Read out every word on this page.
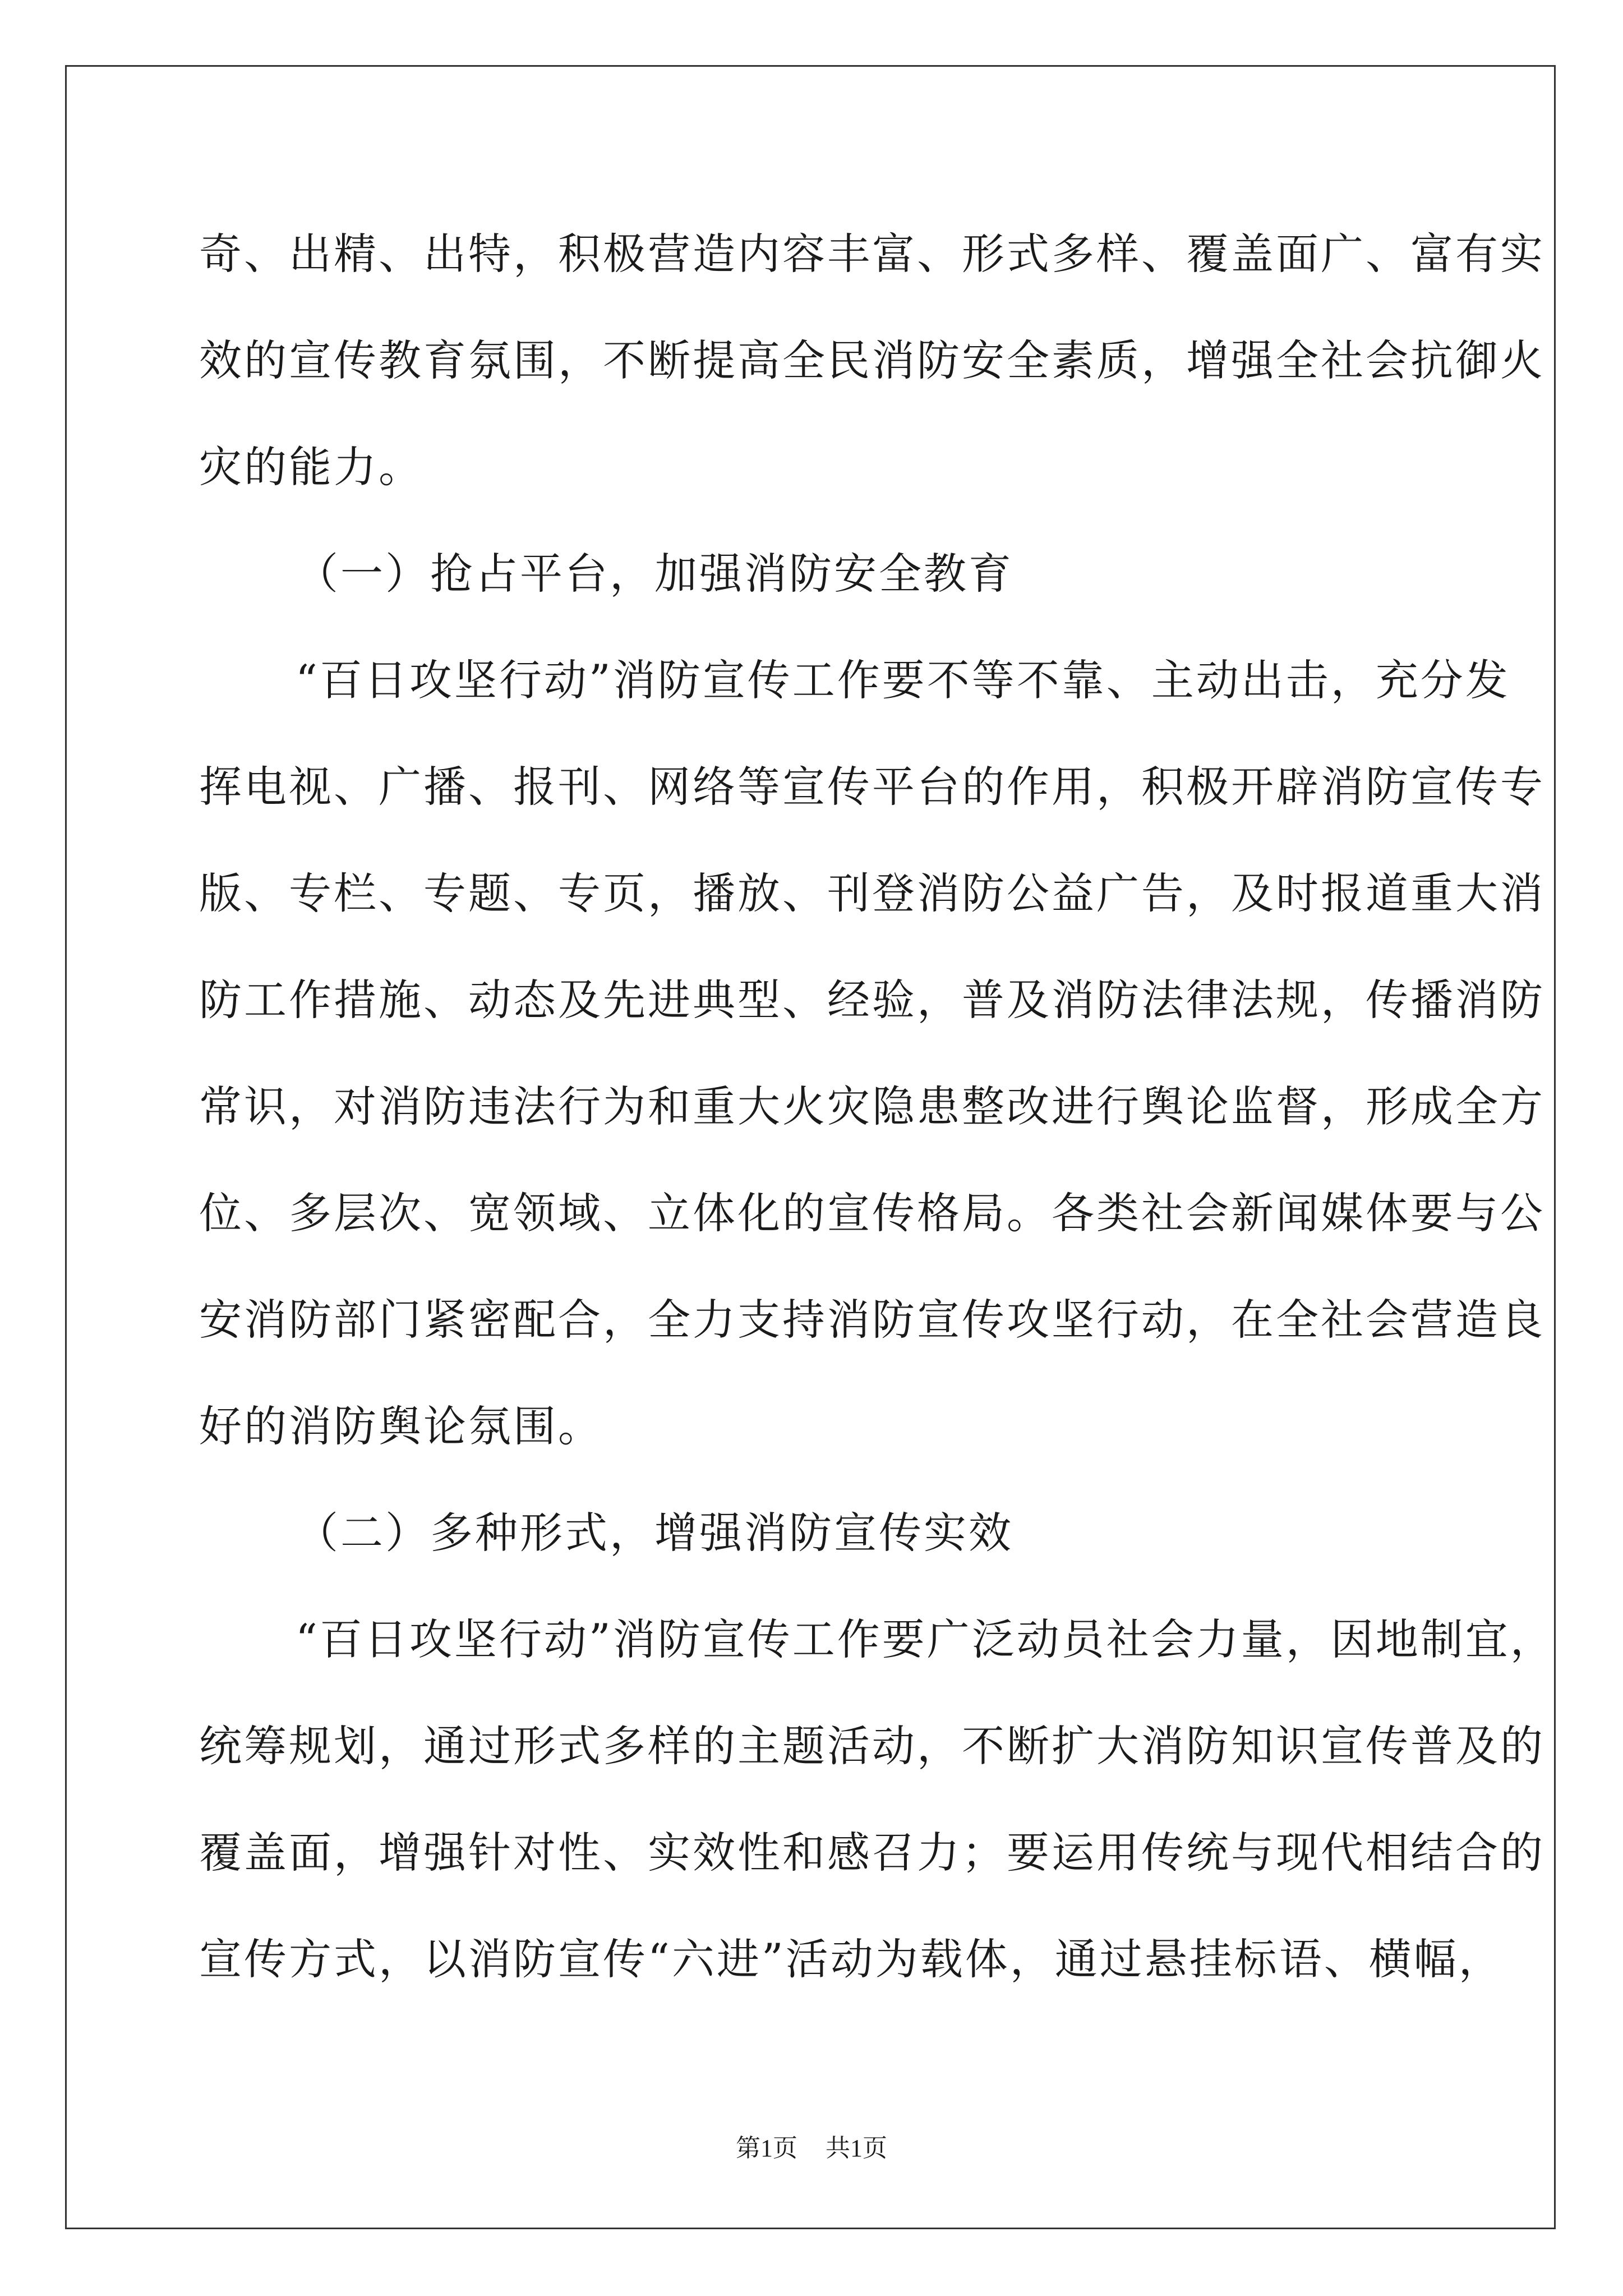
奇、出精、出特，积极营造内容丰富、形式多样、覆盖面广、富有实
效的宣传教育氛围，不断提高全民消防安全素质，增强全社会抗御火
灾的能力。
（一）抢占平台，加强消防安全教育
“百日攻坚行动”消防宣传工作要不等不靠、主动出击，充分发
挥电视、广播、报刊、网络等宣传平台的作用，积极开辟消防宣传专
版、专栏、专题、专页，播放、刊登消防公益广告，及时报道重大消
防工作措施、动态及先进典型、经验，普及消防法律法规，传播消防
常识，对消防违法行为和重大火灾隐患整改进行舆论监督，形成全方
位、多层次、宽领域、立体化的宣传格局。各类社会新闻媒体要与公
安消防部门紧密配合，全力支持消防宣传攻坚行动，在全社会营造良
好的消防舆论氛围。
（二）多种形式，增强消防宣传实效
“百日攻坚行动”消防宣传工作要广泛动员社会力量，因地制宜，
统筹规划，通过形式多样的主题活动，不断扩大消防知识宣传普及的
覆盖面，增强针对性、实效性和感召力；要运用传统与现代相结合的
宣传方式，以消防宣传“六进”活动为载体，通过悬挂标语、横幅，
第1页 共1页
